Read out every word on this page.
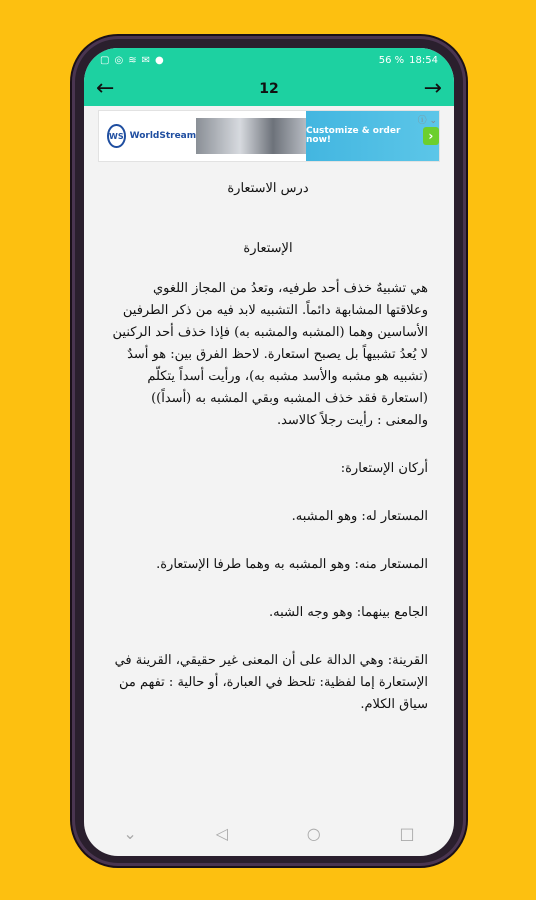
▢ ◎ ≋ ✉ ●	56 % 18:54
←	12	→
WS WorldStream
Customize & order now!	›
ⓘ ⌄

درس الاستعارة

الإستعارة

هي تشبيهٌ خذف أحد طرفيه، وتعدُ من المجاز اللغوي وعلاقتها المشابهة دائماً. التشبيه لابد فيه من ذكر الطرفين الأساسين وهما (المشبه والمشبه به) فإذا خذف أحد الركنين لا يُعدُ تشبيهاً بل يصبح استعارة. لاحظ الفرق بين: هو أسدٌ (تشبيه هو مشبه والأسد مشبه به)، ورأيت أسداً يتكلّم (استعارة فقد خذف المشبه وبقي المشبه به (أسداً)) والمعنى : رأيت رجلاً كالاسد.

أركان الإستعارة:

المستعار له: وهو المشبه.

المستعار منه: وهو المشبه به وهما طرفا الإستعارة.

الجامع بينهما: وهو وجه الشبه.

القرينة: وهي الدالة على أن المعنى غير حقيقي، القرينة في الإستعارة إما لفظية: تلحظ في العبارة، أو حالية : تفهم من سياق الكلام.

⌄	◁	○	□
